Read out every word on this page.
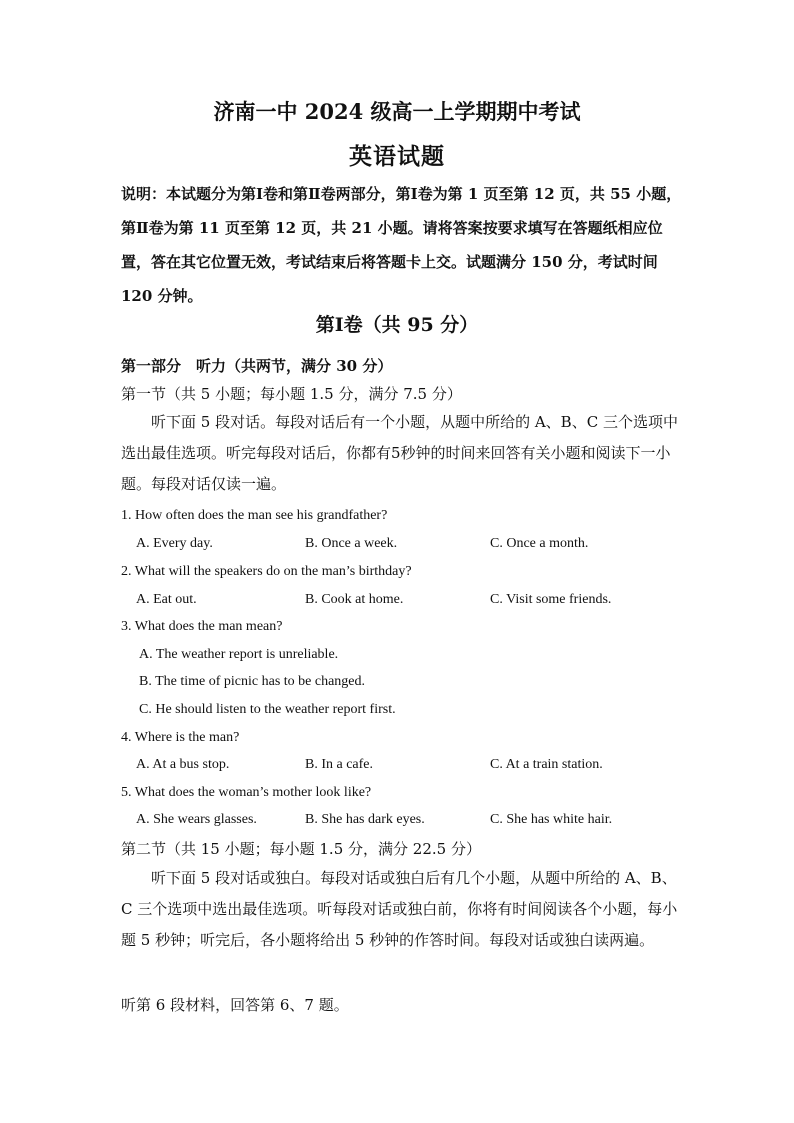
济南一中 2024 级高一上学期期中考试
英语试题
说明：本试题分为第Ⅰ卷和第Ⅱ卷两部分，第Ⅰ卷为第 1 页至第 12 页，共 55 小题，第Ⅱ卷为第 11 页至第 12 页，共 21 小题。请将答案按要求填写在答题纸相应位置，答在其它位置无效，考试结束后将答题卡上交。试题满分 150 分，考试时间 120 分钟。
第Ⅰ卷（共 95 分）
第一部分　听力（共两节，满分 30 分）
第一节（共 5 小题；每小题 1.5 分，满分 7.5 分）
听下面 5 段对话。每段对话后有一个小题，从题中所给的 A、B、C 三个选项中选出最佳选项。听完每段对话后，你都有5秒钟的时间来回答有关小题和阅读下一小题。每段对话仅读一遍。
1. How often does the man see his grandfather?
A. Every day.	B. Once a week.	C. Once a month.
2. What will the speakers do on the man’s birthday?
A. Eat out.	B. Cook at home.	C. Visit some friends.
3. What does the man mean?
A. The weather report is unreliable.
B. The time of picnic has to be changed.
C. He should listen to the weather report first.
4. Where is the man?
A. At a bus stop.	B. In a cafe.	C. At a train station.
5. What does the woman’s mother look like?
A. She wears glasses.	B. She has dark eyes.	C. She has white hair.
第二节（共 15 小题；每小题 1.5 分，满分 22.5 分）
听下面 5 段对话或独白。每段对话或独白后有几个小题，从题中所给的 A、B、C 三个选项中选出最佳选项。听每段对话或独白前，你将有时间阅读各个小题，每小题 5 秒钟；听完后，各小题将给出 5 秒钟的作答时间。每段对话或独白读两遍。
听第 6 段材料，回答第 6、7 题。
